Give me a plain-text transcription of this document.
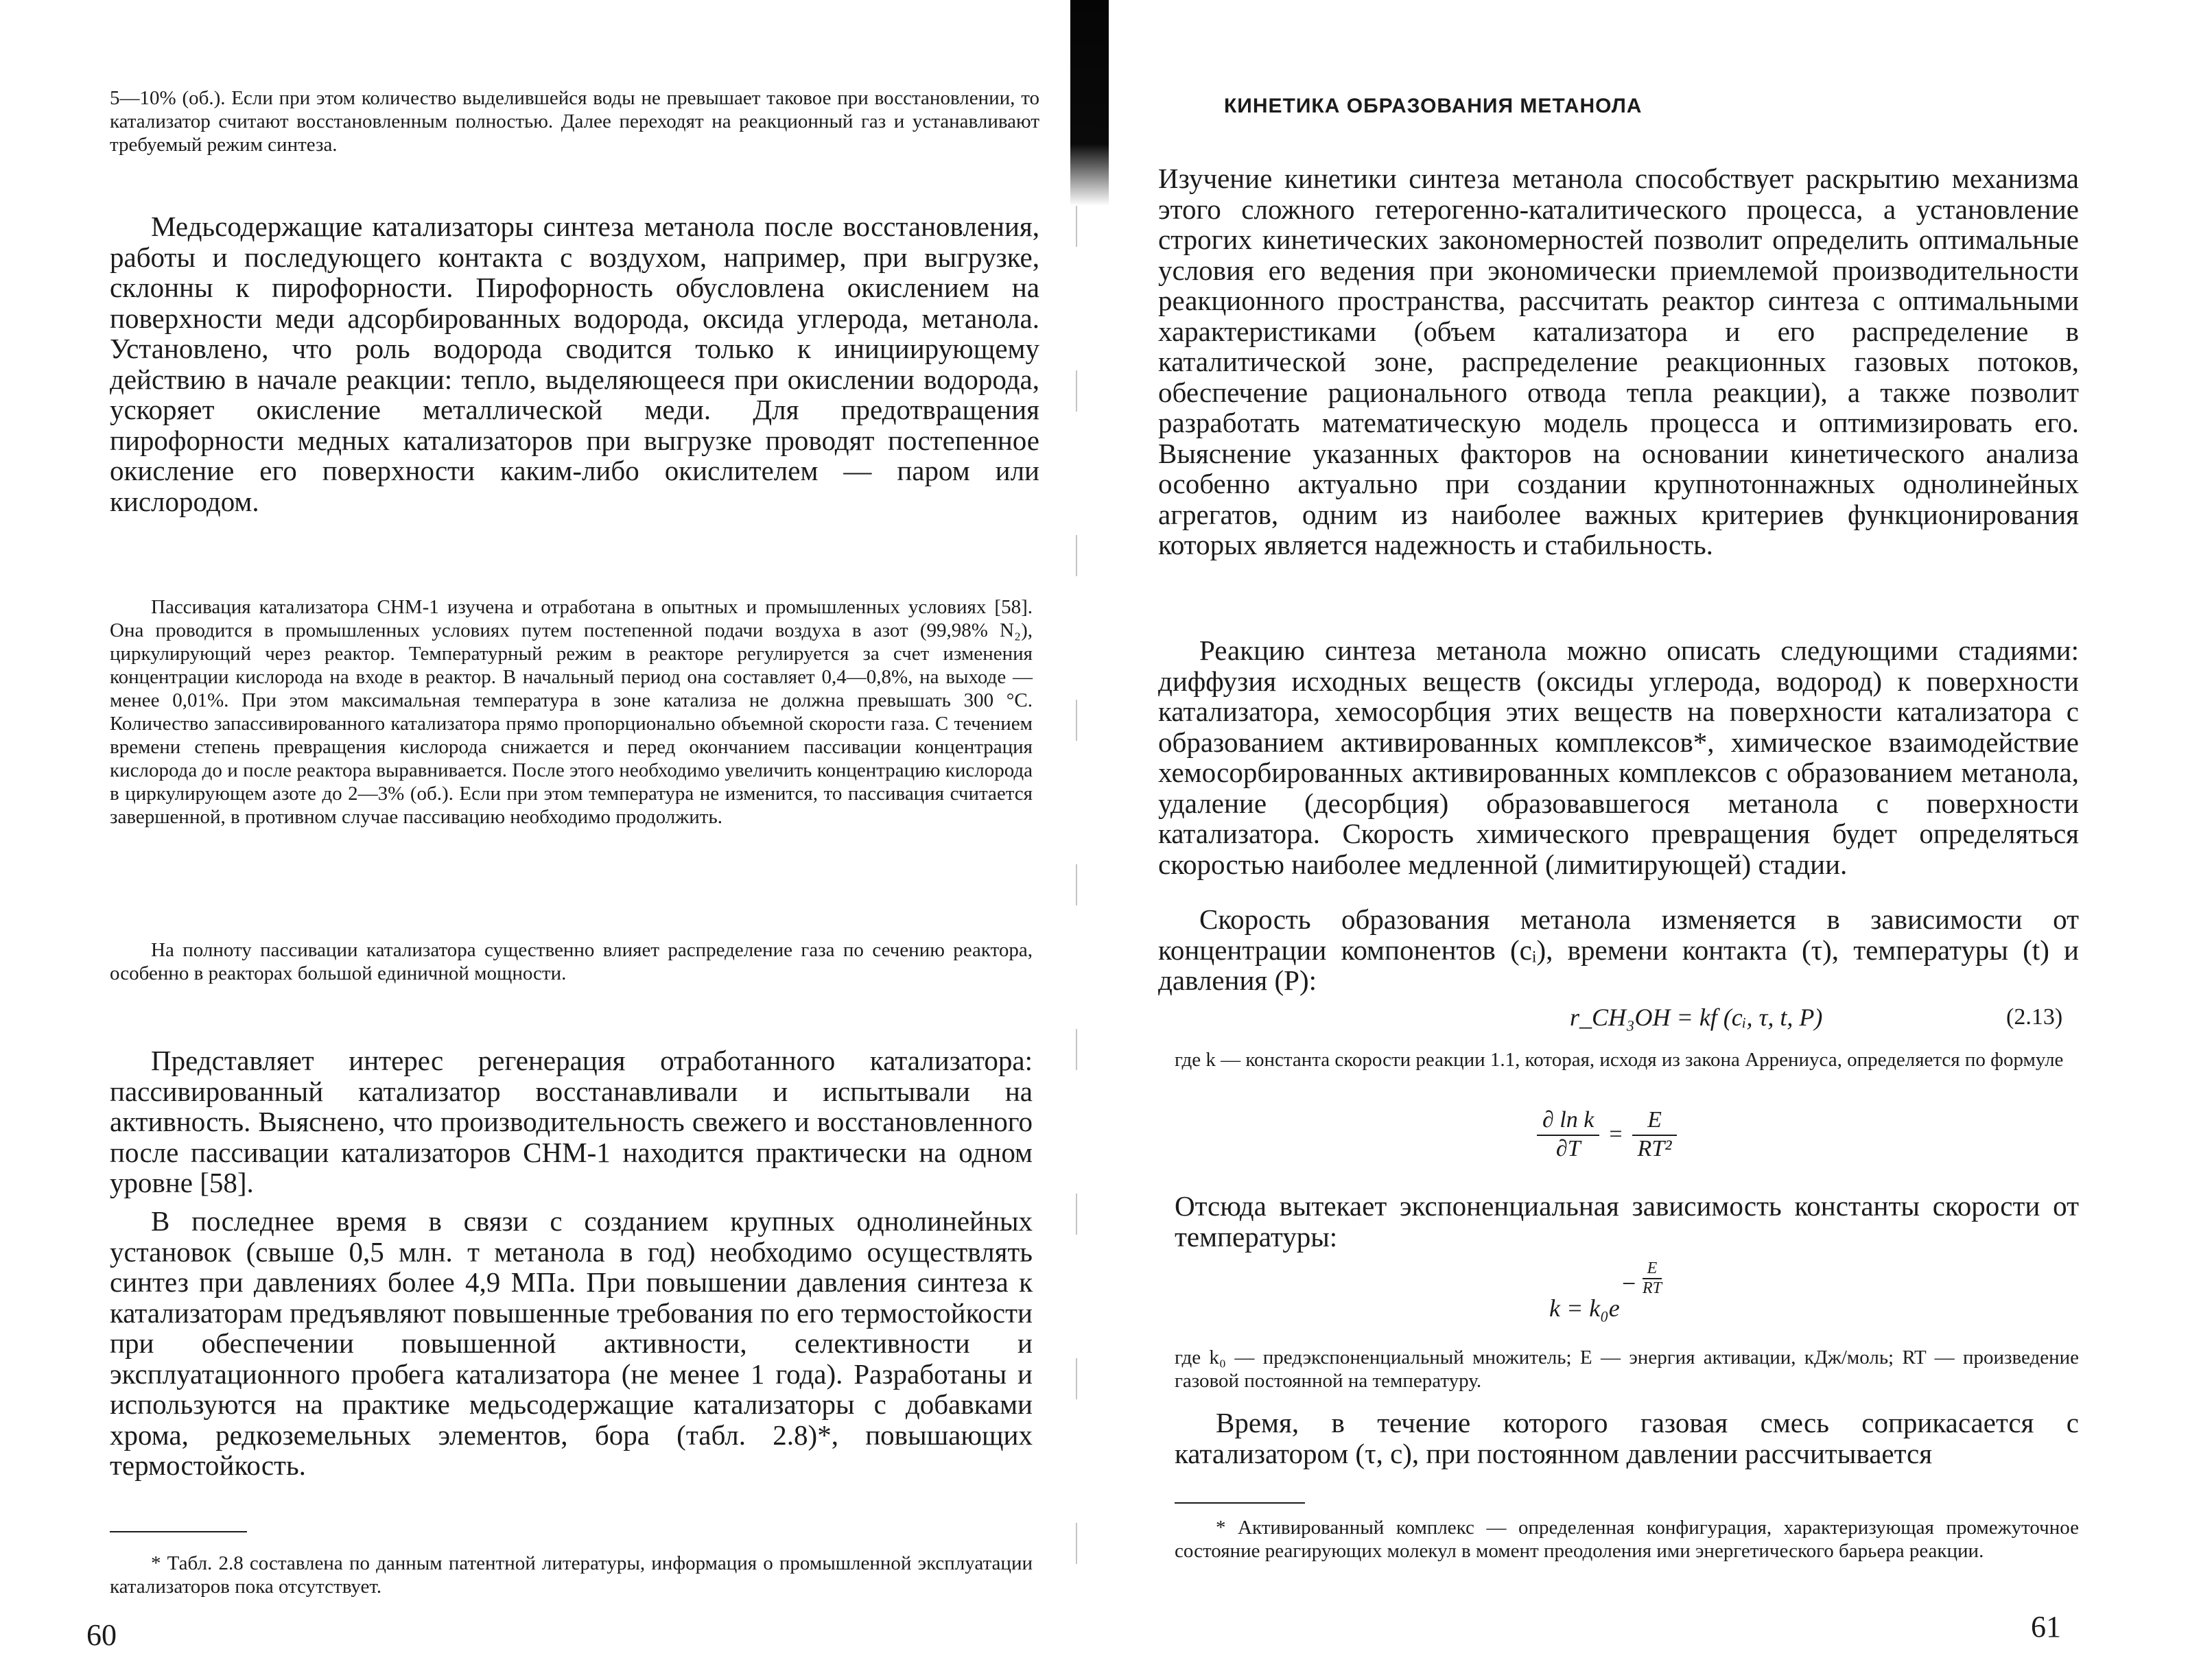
5—10% (об.). Если при этом количество выделившейся воды не превышает таковое при восстановлении, то катализатор считают восстановленным полностью. Далее переходят на реакционный газ и устанавливают требуемый режим синтеза.

Медьсодержащие катализаторы синтеза метанола после восстановления, работы и последующего контакта с воздухом, например, при выгрузке, склонны к пирофорности. Пирофорность обусловлена окислением на поверхности меди адсорбированных водорода, оксида углерода, метанола. Установлено, что роль водорода сводится только к инициирующему действию в начале реакции: тепло, выделяющееся при окислении водорода, ускоряет окисление металлической меди. Для предотвращения пирофорности медных катализаторов при выгрузке проводят постепенное окисление его поверхности каким-либо окислителем — паром или кислородом.

Пассивация катализатора СНМ-1 изучена и отработана в опытных и промышленных условиях [58]. Она проводится в промышленных условиях путем постепенной подачи воздуха в азот (99,98% N₂), циркулирующий через реактор. Температурный режим в реакторе регулируется за счет изменения концентрации кислорода на входе в реактор. В начальный период она составляет 0,4—0,8%, на выходе — менее 0,01%. При этом максимальная температура в зоне катализа не должна превышать 300 °С. Количество запассивированного катализатора прямо пропорционально объемной скорости газа. С течением времени степень превращения кислорода снижается и перед окончанием пассивации концентрация кислорода до и после реактора выравнивается. После этого необходимо увеличить концентрацию кислорода в циркулирующем азоте до 2—3% (об.). Если при этом температура не изменится, то пассивация считается завершенной, в противном случае пассивацию необходимо продолжить.

На полноту пассивации катализатора существенно влияет распределение газа по сечению реактора, особенно в реакторах большой единичной мощности.

Представляет интерес регенерация отработанного катализатора: пассивированный катализатор восстанавливали и испытывали на активность. Выяснено, что производительность свежего и восстановленного после пассивации катализаторов СНМ-1 находится практически на одном уровне [58].

В последнее время в связи с созданием крупных однолинейных установок (свыше 0,5 млн. т метанола в год) необходимо осуществлять синтез при давлениях более 4,9 МПа. При повышении давления синтеза к катализаторам предъявляют повышенные требования по его термостойкости при обеспечении повышенной активности, селективности и эксплуатационного пробега катализатора (не менее 1 года). Разработаны и используются на практике медьсодержащие катализаторы с добавками хрома, редкоземельных элементов, бора (табл. 2.8)*, повышающих термостойкость.

* Табл. 2.8 составлена по данным патентной литературы, информация о промышленной эксплуатации катализаторов пока отсутствует.

60
КИНЕТИКА ОБРАЗОВАНИЯ МЕТАНОЛА

Изучение кинетики синтеза метанола способствует раскрытию механизма этого сложного гетерогенно-каталитического процесса, а установление строгих кинетических закономерностей позволит определить оптимальные условия его ведения при экономически приемлемой производительности реакционного пространства, рассчитать реактор синтеза с оптимальными характеристиками (объем катализатора и его распределение в каталитической зоне, распределение реакционных газовых потоков, обеспечение рационального отвода тепла реакции), а также позволит разработать математическую модель процесса и оптимизировать его. Выяснение указанных факторов на основании кинетического анализа особенно актуально при создании крупнотоннажных однолинейных агрегатов, одним из наиболее важных критериев функционирования которых является надежность и стабильность.

Реакцию синтеза метанола можно описать следующими стадиями: диффузия исходных веществ (оксиды углерода, водород) к поверхности катализатора, хемосорбция этих веществ на поверхности катализатора с образованием активированных комплексов*, химическое взаимодействие хемосорбированных активированных комплексов с образованием метанола, удаление (десорбция) образовавшегося метанола с поверхности катализатора. Скорость химического превращения будет определяться скоростью наиболее медленной (лимитирующей) стадии.

Скорость образования метанола изменяется в зависимости от концентрации компонентов (cᵢ), времени контакта (τ), температуры (t) и давления (P):

r_CH₃OH = kf (cᵢ, τ, t, P)	(2.13)

где k — константа скорости реакции 1.1, которая, исходя из закона Аррениуса, определяется по формуле

$\frac{\text{∂ ln k}}{\partial T} = \frac{E}{\text{RT²}}$

Отсюда вытекает экспоненциальная зависимость константы скорости от температуры:

k = k₀e
− $\frac{E}{RT}$

где k₀ — предэкспоненциальный множитель; E — энергия активации, кДж/моль; RT — произведение газовой постоянной на температуру.

Время, в течение которого газовая смесь соприкасается с катализатором (τ, с), при постоянном давлении рассчитывается

* Активированный комплекс — определенная конфигурация, характеризующая промежуточное состояние реагирующих молекул в момент преодоления ими энергетического барьера реакции.

61
